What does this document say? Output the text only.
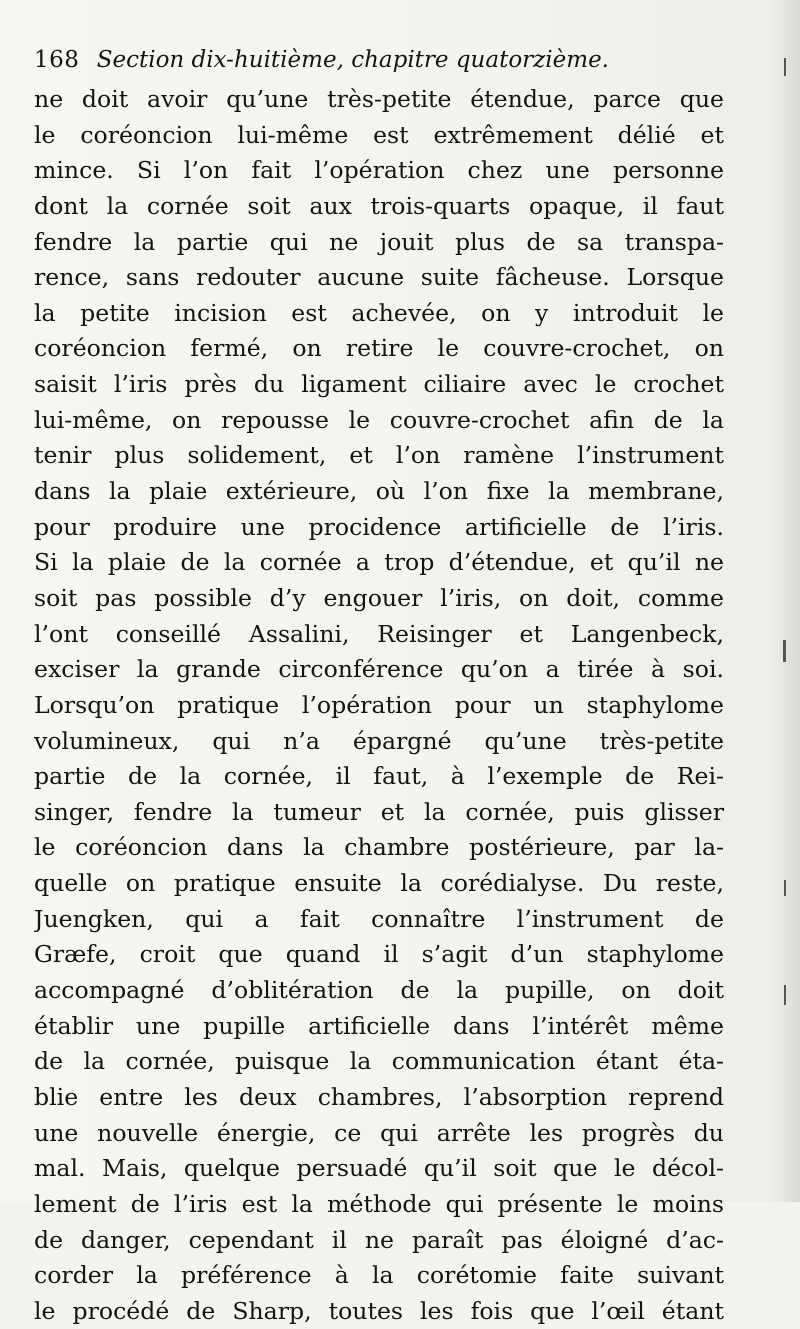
168 Section dix-huitième, chapitre quatorzième.
ne doit avoir qu’une très-petite étendue, parce que
le coréoncion lui-même est extrêmement délié et
mince. Si l’on fait l’opération chez une personne
dont la cornée soit aux trois-quarts opaque, il faut
fendre la partie qui ne jouit plus de sa transpa-
rence, sans redouter aucune suite fâcheuse. Lorsque
la petite incision est achevée, on y introduit le
coréoncion fermé, on retire le couvre-crochet, on
saisit l’iris près du ligament ciliaire avec le crochet
lui-même, on repousse le couvre-crochet afin de la
tenir plus solidement, et l’on ramène l’instrument
dans la plaie extérieure, où l’on fixe la membrane,
pour produire une procidence artificielle de l’iris.
Si la plaie de la cornée a trop d’étendue, et qu’il ne
soit pas possible d’y engouer l’iris, on doit, comme
l’ont conseillé Assalini, Reisinger et Langenbeck,
exciser la grande circonférence qu’on a tirée à soi.
Lorsqu’on pratique l’opération pour un staphylome
volumineux, qui n’a épargné qu’une très-petite
partie de la cornée, il faut, à l’exemple de Rei-
singer, fendre la tumeur et la cornée, puis glisser
le coréoncion dans la chambre postérieure, par la-
quelle on pratique ensuite la corédialyse. Du reste,
Juengken, qui a fait connaître l’instrument de
Græfe, croit que quand il s’agit d’un staphylome
accompagné d’oblitération de la pupille, on doit
établir une pupille artificielle dans l’intérêt même
de la cornée, puisque la communication étant éta-
blie entre les deux chambres, l’absorption reprend
une nouvelle énergie, ce qui arrête les progrès du
mal. Mais, quelque persuadé qu’il soit que le décol-
lement de l’iris est la méthode qui présente le moins
de danger, cependant il ne paraît pas éloigné d’ac-
corder la préférence à la corétomie faite suivant
le procédé de Sharp, toutes les fois que l’œil étant
